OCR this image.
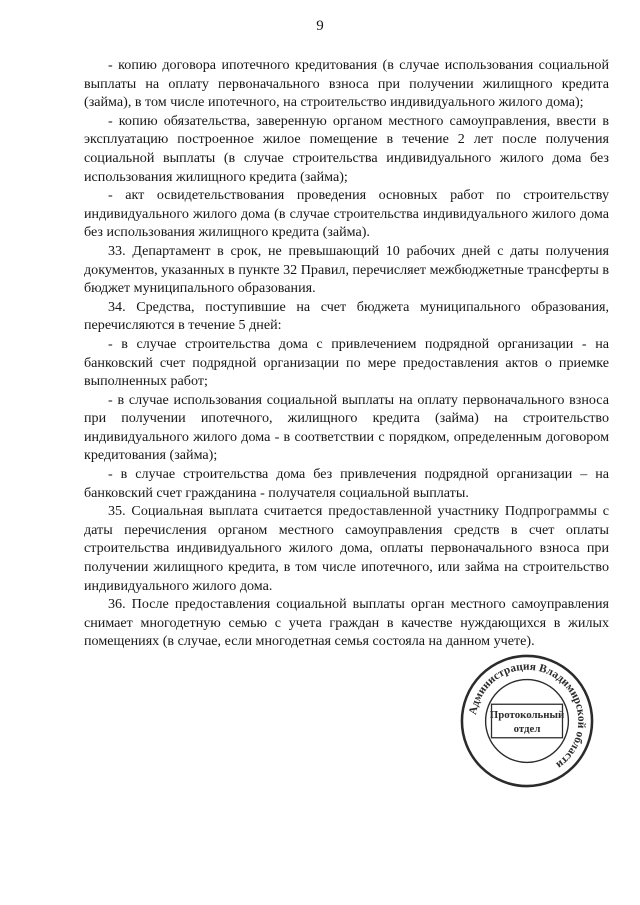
9

- копию договора ипотечного кредитования (в случае использования социальной выплаты на оплату первоначального взноса при получении жилищного кредита (займа), в том числе ипотечного, на строительство индивидуального жилого дома);

- копию обязательства, заверенную органом местного самоуправления, ввести в эксплуатацию построенное жилое помещение в течение 2 лет после получения социальной выплаты (в случае строительства индивидуального жилого дома без использования жилищного кредита (займа);

- акт освидетельствования проведения основных работ по строительству индивидуального жилого дома (в случае строительства индивидуального жилого дома без использования жилищного кредита (займа).

33. Департамент в срок, не превышающий 10 рабочих дней с даты получения документов, указанных в пункте 32 Правил, перечисляет межбюджетные трансферты в бюджет муниципального образования.

34. Средства, поступившие на счет бюджета муниципального образования, перечисляются в течение 5 дней:

- в случае строительства дома с привлечением подрядной организации - на банковский счет подрядной организации по мере предоставления актов о приемке выполненных работ;

- в случае использования социальной выплаты на оплату первоначального взноса при получении ипотечного, жилищного кредита (займа) на строительство индивидуального жилого дома - в соответствии с порядком, определенным договором кредитования (займа);

- в случае строительства дома без привлечения подрядной организации – на банковский счет гражданина - получателя социальной выплаты.

35. Социальная выплата считается предоставленной участнику Подпрограммы с даты перечисления органом местного самоуправления средств в счет оплаты строительства индивидуального жилого дома, оплаты первоначального взноса при получении жилищного кредита, в том числе ипотечного, или займа на строительство индивидуального жилого дома.

36. После предоставления социальной выплаты орган местного самоуправления снимает многодетную семью с учета граждан в качестве нуждающихся в жилых помещениях (в случае, если многодетная семья состояла на данном учете).

Администрация Владимирской области
Протокольный
отдел
